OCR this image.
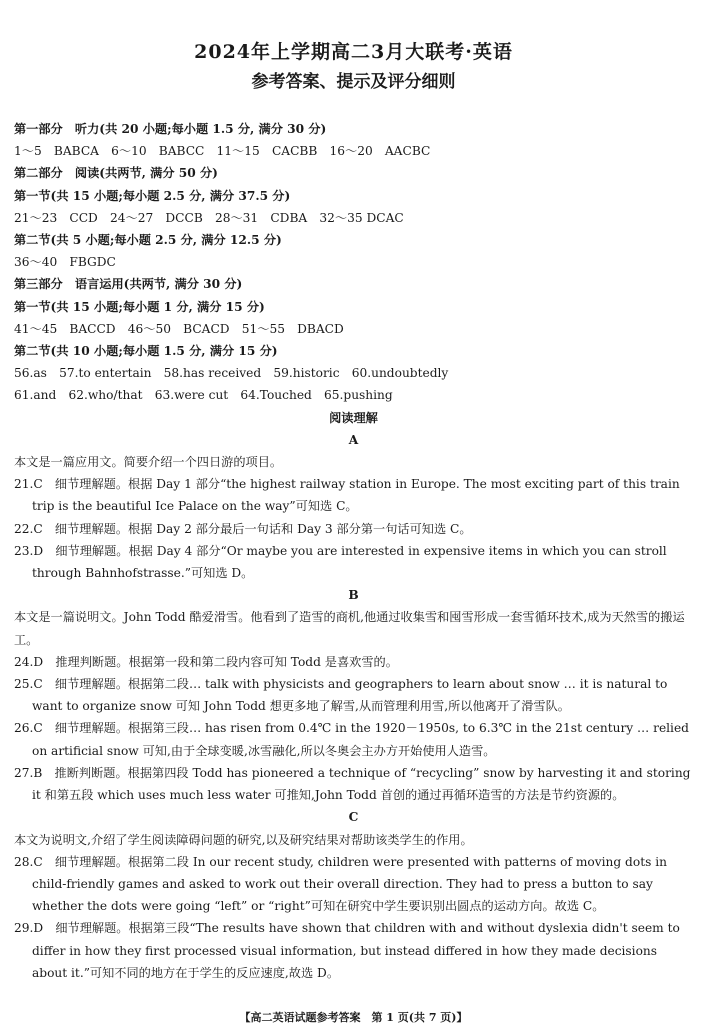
2024年上学期高二3月大联考·英语
参考答案、提示及评分细则

第一部分　听力(共 20 小题;每小题 1.5 分, 满分 30 分)

1～5　BABCA　6～10　BABCC　11～15　CACBB　16～20　AACBC

第二部分　阅读(共两节, 满分 50 分)

第一节(共 15 小题;每小题 2.5 分, 满分 37.5 分)

21～23　CCD　24～27　DCCB　28～31　CDBA　32～35 DCAC

第二节(共 5 小题;每小题 2.5 分, 满分 12.5 分)

36～40　FBGDC

第三部分　语言运用(共两节, 满分 30 分)

第一节(共 15 小题;每小题 1 分, 满分 15 分)

41～45　BACCD　46～50　BCACD　51～55　DBACD

第二节(共 10 小题;每小题 1.5 分, 满分 15 分)

56.as　57.to entertain　58.has received　59.historic　60.undoubtedly

61.and　62.who/that　63.were cut　64.Touched　65.pushing

阅读理解

A

本文是一篇应用文。简要介绍一个四日游的项目。

21.C　细节理解题。根据 Day 1 部分“the highest railway station in Europe. The most exciting part of this train trip is the beautiful Ice Palace on the way”可知选 C。

22.C　细节理解题。根据 Day 2 部分最后一句话和 Day 3 部分第一句话可知选 C。

23.D　细节理解题。根据 Day 4 部分“Or maybe you are interested in expensive items in which you can stroll through Bahnhofstrasse.”可知选 D。

B

本文是一篇说明文。John Todd 酷爱滑雪。他看到了造雪的商机,他通过收集雪和囤雪形成一套雪循环技术,成为天然雪的搬运工。

24.D　推理判断题。根据第一段和第二段内容可知 Todd 是喜欢雪的。

25.C　细节理解题。根据第二段… talk with physicists and geographers to learn about snow … it is natural to want to organize snow 可知 John Todd 想更多地了解雪,从而管理利用雪,所以他离开了滑雪队。

26.C　细节理解题。根据第三段… has risen from 0.4℃ in the 1920－1950s, to 6.3℃ in the 21st century … relied on artificial snow 可知,由于全球变暖,冰雪融化,所以冬奥会主办方开始使用人造雪。

27.B　推断判断题。根据第四段 Todd has pioneered a technique of “recycling” snow by harvesting it and storing it 和第五段 which uses much less water 可推知,John Todd 首创的通过再循环造雪的方法是节约资源的。

C

本文为说明文,介绍了学生阅读障碍问题的研究,以及研究结果对帮助该类学生的作用。

28.C　细节理解题。根据第二段 In our recent study, children were presented with patterns of moving dots in child-friendly games and asked to work out their overall direction. They had to press a button to say whether the dots were going “left” or “right”可知在研究中学生要识别出圆点的运动方向。故选 C。

29.D　细节理解题。根据第三段“The results have shown that children with and without dyslexia didn't seem to differ in how they first processed visual information, but instead differed in how they made decisions about it.”可知不同的地方在于学生的反应速度,故选 D。

【高二英语试题参考答案　第 1 页(共 7 页)】
